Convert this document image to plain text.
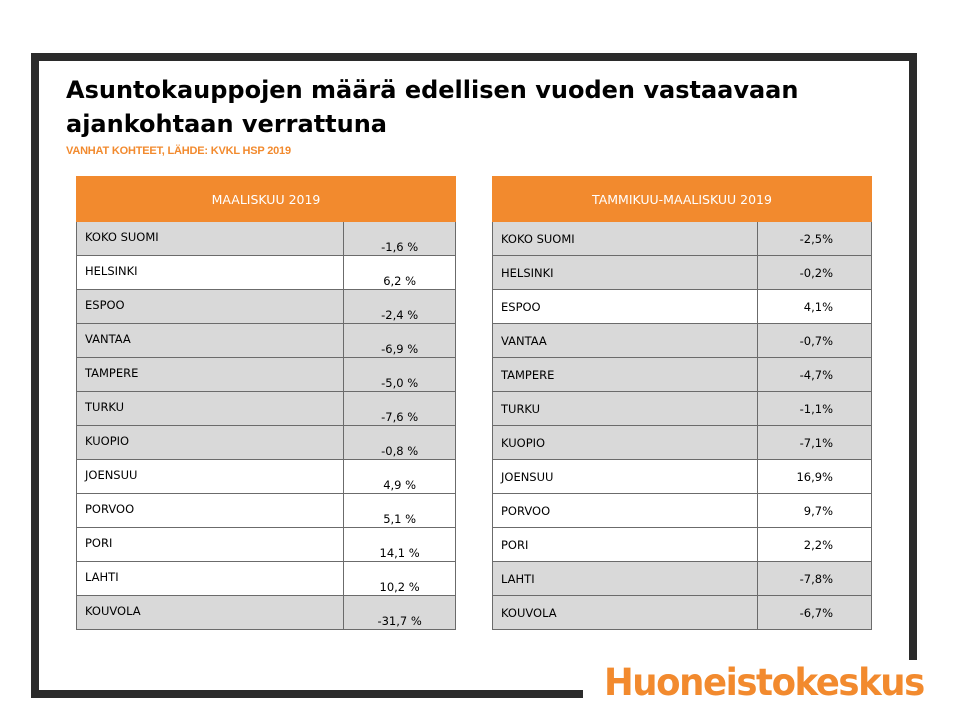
Asuntokauppojen määrä edellisen vuoden vastaavaan ajankohtaan verrattuna
VANHAT KOHTEET, LÄHDE: KVKL HSP 2019
MAALISKUU 2019	
KOKO SUOMI	-1,6 %
HELSINKI	6,2 %
ESPOO	-2,4 %
VANTAA	-6,9 %
TAMPERE	-5,0 %
TURKU	-7,6 %
KUOPIO	-0,8 %
JOENSUU	4,9 %
PORVOO	5,1 %
PORI	14,1 %
LAHTI	10,2 %
KOUVOLA	-31,7 %
TAMMIKUU-MAALISKUU 2019	
KOKO SUOMI	-2,5%
HELSINKI	-0,2%
ESPOO	4,1%
VANTAA	-0,7%
TAMPERE	-4,7%
TURKU	-1,1%
KUOPIO	-7,1%
JOENSUU	16,9%
PORVOO	9,7%
PORI	2,2%
LAHTI	-7,8%
KOUVOLA	-6,7%
Huoneistokeskus
